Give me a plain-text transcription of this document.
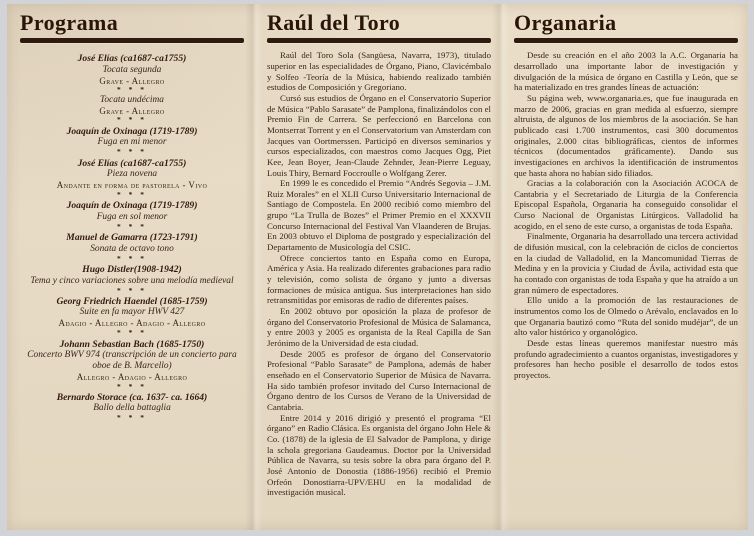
Programa
José Elías (ca1687-ca1755)
Tocata segunda
Grave - Allegro
* * *
Tocata undécima
Grave - Allegro
* * *
Joaquín de Oxinaga (1719-1789)
Fuga en mi menor
* * *
José Elías (ca1687-ca1755)
Pieza novena
Andante en forma de pastorela - Vivo
* * *
Joaquín de Oxinaga (1719-1789)
Fuga en sol menor
* * *
Manuel de Gamarra (1723-1791)
Sonata de octavo tono
* * *
Hugo Distler(1908-1942)
Tema y cinco variaciones sobre una melodía medieval
* * *
Georg Friedrich Haendel (1685-1759)
Suite en fa mayor HWV 427
Adagio - Allegro - Adagio - Allegro
* * *
Johann Sebastian Bach (1685-1750)
Concerto BWV 974 (transcripción de un concierto para oboe de B. Marcello)
Allegro - Adagio - Allegro
* * *
Bernardo Storace (ca. 1637- ca. 1664)
Ballo della battaglia
* * *
Raúl del Toro

Raúl del Toro Sola (Sangüesa, Navarra, 1973), titulado superior en las especialidades de Órgano, Piano, Clavicémbalo y Solfeo -Teoría de la Música, habiendo realizado también estudios de Composición y Gregoriano.

Cursó sus estudios de Órgano en el Conservatorio Superior de Música “Pablo Sarasate” de Pamplona, finalizándolos con el Premio Fin de Carrera. Se perfeccionó en Barcelona con Montserrat Torrent y en el Conservatorium van Amsterdam con Jacques van Oortmerssen. Participó en diversos seminarios y cursos especializados, con maestros como Jacques Ogg, Piet Kee, Jean Boyer, Jean-Claude Zehnder, Jean-Pierre Leguay, Louis Thiry, Bernard Foccroulle o Wolfgang Zerer.

En 1999 le es concedido el Premio “Andrés Segovia – J.M. Ruiz Morales” en el XLII Curso Universitario Internacional de Santiago de Compostela. En 2000 recibió como miembro del grupo “La Trulla de Bozes” el Primer Premio en el XXXVII Concurso Internacional del Festival Van Vlaanderen de Brujas. En 2003 obtuvo el Diploma de postgrado y especialización del Departamento de Musicología del CSIC.

Ofrece conciertos tanto en España como en Europa, América y Asia. Ha realizado diferentes grabaciones para radio y televisión, como solista de órgano y junto a diversas formaciones de música antigua. Sus interpretaciones han sido retransmitidas por emisoras de radio de diferentes países.

En 2002 obtuvo por oposición la plaza de profesor de órgano del Conservatorio Profesional de Música de Salamanca, y entre 2003 y 2005 es organista de la Real Capilla de San Jerónimo de la Universidad de esta ciudad.

Desde 2005 es profesor de órgano del Conservatorio Profesional “Pablo Sarasate” de Pamplona, además de haber enseñado en el Conservatorio Superior de Música de Navarra. Ha sido también profesor invitado del Curso Internacional de Órgano dentro de los Cursos de Verano de la Universidad de Cantabria.

Entre 2014 y 2016 dirigió y presentó el programa “El órgano” en Radio Clásica. Es organista del órgano John Hele & Co. (1878) de la iglesia de El Salvador de Pamplona, y dirige la schola gregoriana Gaudeamus. Doctor por la Universidad Pública de Navarra, su tesis sobre la obra para órgano del P. José Antonio de Donostia (1886-1956) recibió el Premio Orfeón Donostiarra-UPV/EHU en la modalidad de investigación musical.

Organaria

Desde su creación en el año 2003 la A.C. Organaria ha desarrollado una importante labor de investigación y divulgación de la música de órgano en Castilla y León, que se ha materializado en tres grandes líneas de actuación:

Su página web, www.organaria.es, que fue inaugurada en marzo de 2006, gracias en gran medida al esfuerzo, siempre altruista, de algunos de los miembros de la asociación. Se han publicado casi 1.700 instrumentos, casi 300 documentos originales, 2.000 citas bibliográficas, cientos de informes técnicos (documentados gráficamente). Dando sus investigaciones en archivos la identificación de instrumentos que hasta ahora no habían sido filiados.

Gracias a la colaboración con la Asociación ACOCA de Cantabria y el Secretariado de Liturgia de la Conferencia Episcopal Española, Organaria ha conseguido consolidar el Curso Nacional de Organistas Litúrgicos. Valladolid ha acogido, en el seno de este curso, a organistas de toda España.

Finalmente, Organaria ha desarrollado una tercera actividad de difusión musical, con la celebración de ciclos de conciertos en la ciudad de Valladolid, en la Mancomunidad Tierras de Medina y en la provicia y Ciudad de Ávila, actividad esta que ha contado con organistas de toda España y que ha atraído a un gran número de espectadores.

Ello unido a la promoción de las restauraciones de instrumentos como los de Olmedo o Arévalo, enclavados en lo que Organaria bautizó como “Ruta del sonido mudéjar”, de un alto valor histórico y organológico.

Desde estas líneas queremos manifestar nuestro más profundo agradecimiento a cuantos organistas, investigadores y profesores han hecho posible el desarrollo de todos estos proyectos.
